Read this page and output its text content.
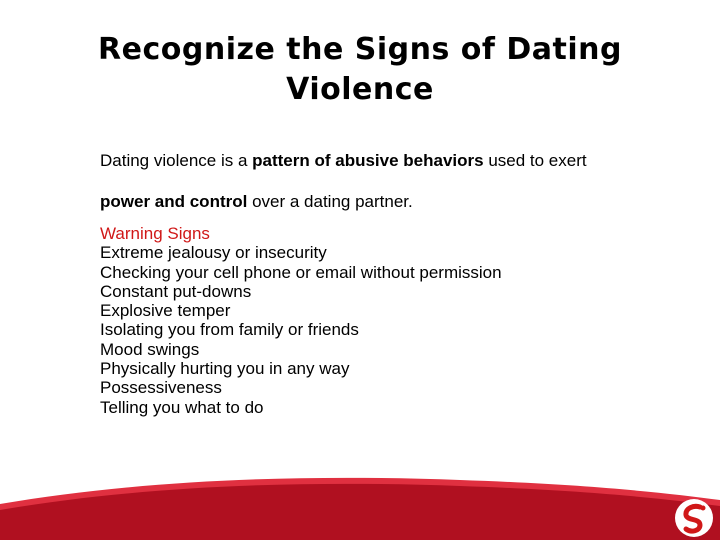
Recognize the Signs of Dating
Violence

Dating violence is a pattern of abusive behaviors used to exert
power and control over a dating partner.

Warning Signs
Extreme jealousy or insecurity
Checking your cell phone or email without permission
Constant put-downs
Explosive temper
Isolating you from family or friends
Mood swings
Physically hurting you in any way
Possessiveness
Telling you what to do
